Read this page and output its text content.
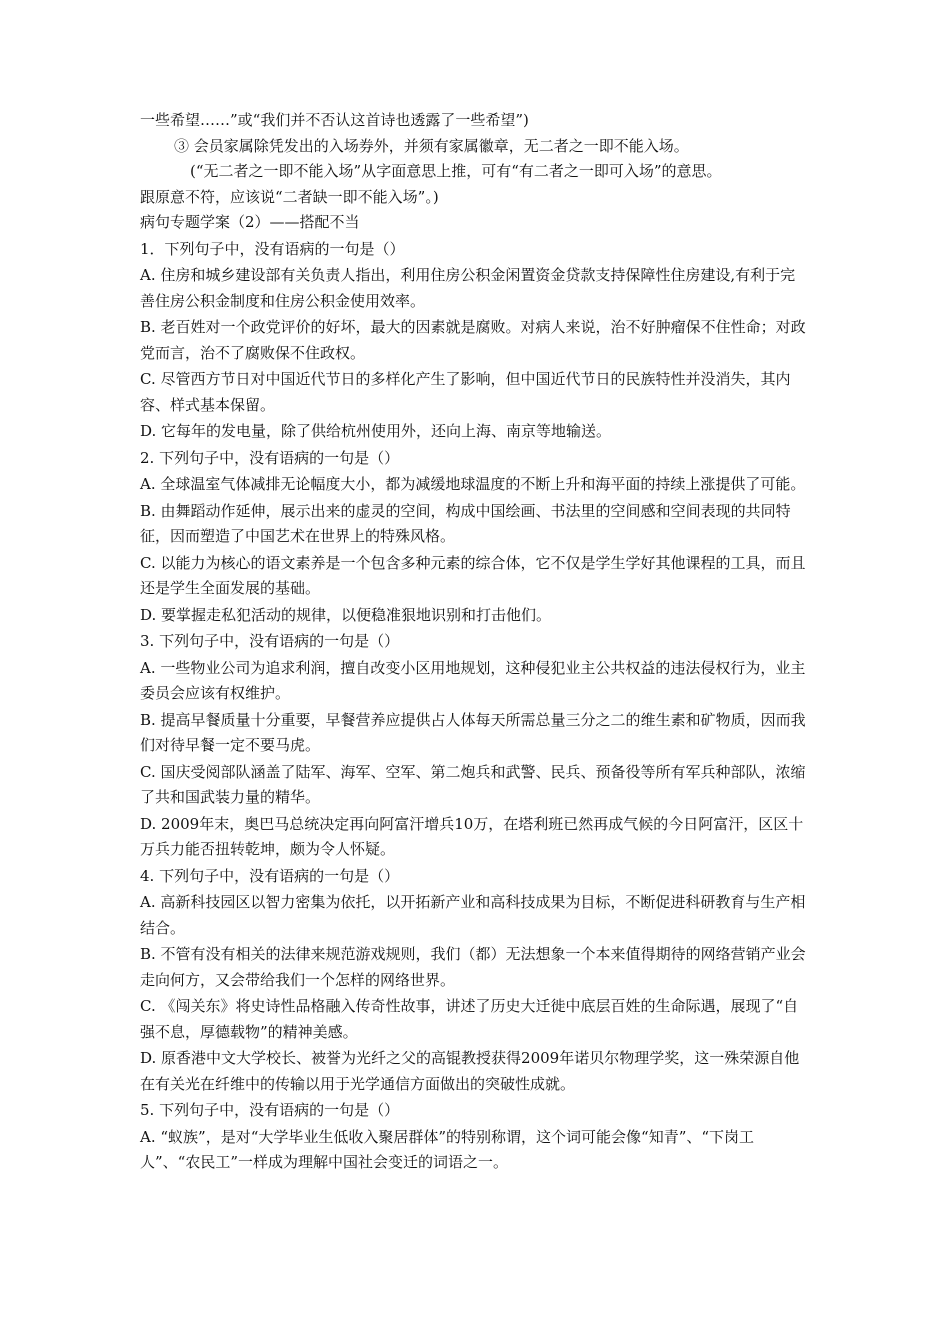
一些希望……”或“我们并不否认这首诗也透露了一些希望”)

③ 会员家属除凭发出的入场券外，并须有家属徽章，无二者之一即不能入场。

(“无二者之一即不能入场”从字面意思上推，可有“有二者之一即可入场”的意思。

跟原意不符，应该说“二者缺一即不能入场”。)

病句专题学案（2）——搭配不当

1．下列句子中，没有语病的一句是（）

A. 住房和城乡建设部有关负责人指出，利用住房公积金闲置资金贷款支持保障性住房建设,有利于完善住房公积金制度和住房公积金使用效率。

B. 老百姓对一个政党评价的好坏，最大的因素就是腐败。对病人来说，治不好肿瘤保不住性命；对政党而言，治不了腐败保不住政权。

C. 尽管西方节日对中国近代节日的多样化产生了影响，但中国近代节日的民族特性并没消失，其内容、样式基本保留。

D. 它每年的发电量，除了供给杭州使用外，还向上海、南京等地输送。

2. 下列句子中，没有语病的一句是（）

A. 全球温室气体减排无论幅度大小，都为减缓地球温度的不断上升和海平面的持续上涨提供了可能。

B. 由舞蹈动作延伸，展示出来的虚灵的空间，构成中国绘画、书法里的空间感和空间表现的共同特征，因而塑造了中国艺术在世界上的特殊风格。

C. 以能力为核心的语文素养是一个包含多种元素的综合体，它不仅是学生学好其他课程的工具，而且还是学生全面发展的基础。

D. 要掌握走私犯活动的规律，以便稳准狠地识别和打击他们。

3. 下列句子中，没有语病的一句是（）

A. 一些物业公司为追求利润，擅自改变小区用地规划，这种侵犯业主公共权益的违法侵权行为，业主委员会应该有权维护。

B. 提高早餐质量十分重要，早餐营养应提供占人体每天所需总量三分之二的维生素和矿物质，因而我们对待早餐一定不要马虎。

C. 国庆受阅部队涵盖了陆军、海军、空军、第二炮兵和武警、民兵、预备役等所有军兵种部队，浓缩了共和国武装力量的精华。

D. 2009年末，奥巴马总统决定再向阿富汗增兵10万，在塔利班已然再成气候的今日阿富汗，区区十万兵力能否扭转乾坤，颇为令人怀疑。

4. 下列句子中，没有语病的一句是（）

A. 高新科技园区以智力密集为依托，以开拓新产业和高科技成果为目标，不断促进科研教育与生产相结合。

B. 不管有没有相关的法律来规范游戏规则，我们（都）无法想象一个本来值得期待的网络营销产业会走向何方，又会带给我们一个怎样的网络世界。

C. 《闯关东》将史诗性品格融入传奇性故事，讲述了历史大迁徙中底层百姓的生命际遇，展现了“自强不息，厚德载物”的精神美感。

D. 原香港中文大学校长、被誉为光纤之父的高锟教授获得2009年诺贝尔物理学奖，这一殊荣源自他在有关光在纤维中的传输以用于光学通信方面做出的突破性成就。

5. 下列句子中，没有语病的一句是（）

A. “蚁族”，是对“大学毕业生低收入聚居群体”的特别称谓，这个词可能会像“知青”、“下岗工人”、“农民工”一样成为理解中国社会变迁的词语之一。
